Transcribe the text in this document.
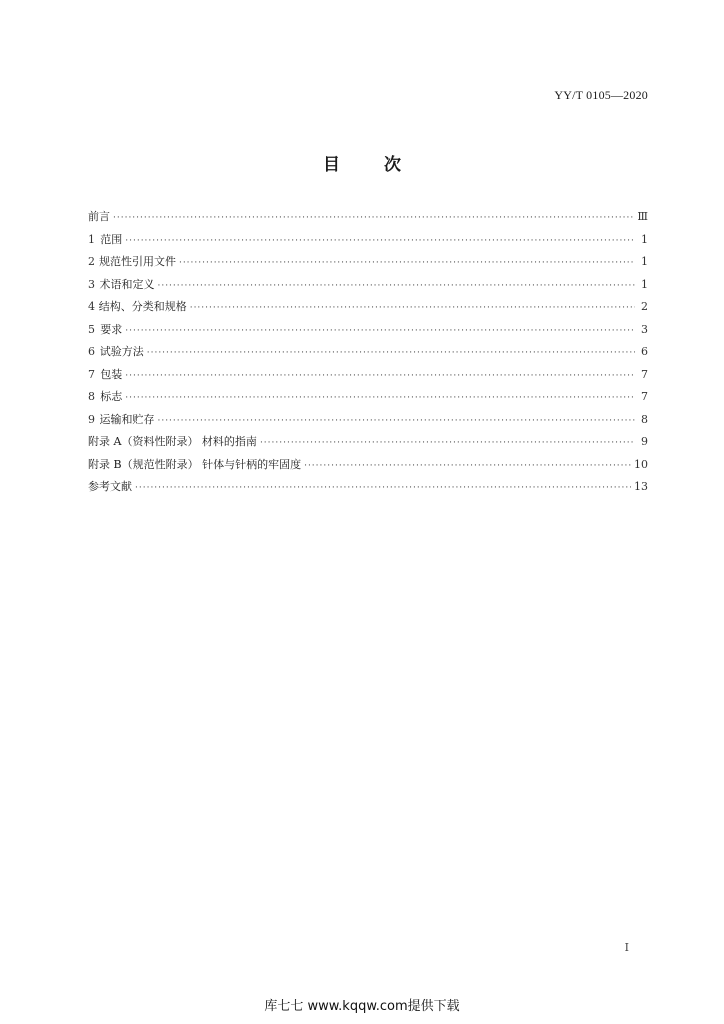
YY/T 0105—2020
目次
前言 ·····	Ⅲ
1 范围 ·····	1
2 规范性引用文件 ·····	1
3 术语和定义 ·····	1
4 结构、分类和规格 ·····	2
5 要求 ·····	3
6 试验方法 ·····	6
7 包装 ·····	7
8 标志 ·····	7
9 运输和贮存 ·····	8
附录 A（资料性附录） 材料的指南 ·····	9
附录 B（规范性附录） 针体与针柄的牢固度 ·····	10
参考文献 ·····	13
I
库七七 www.kqqw.com提供下载
